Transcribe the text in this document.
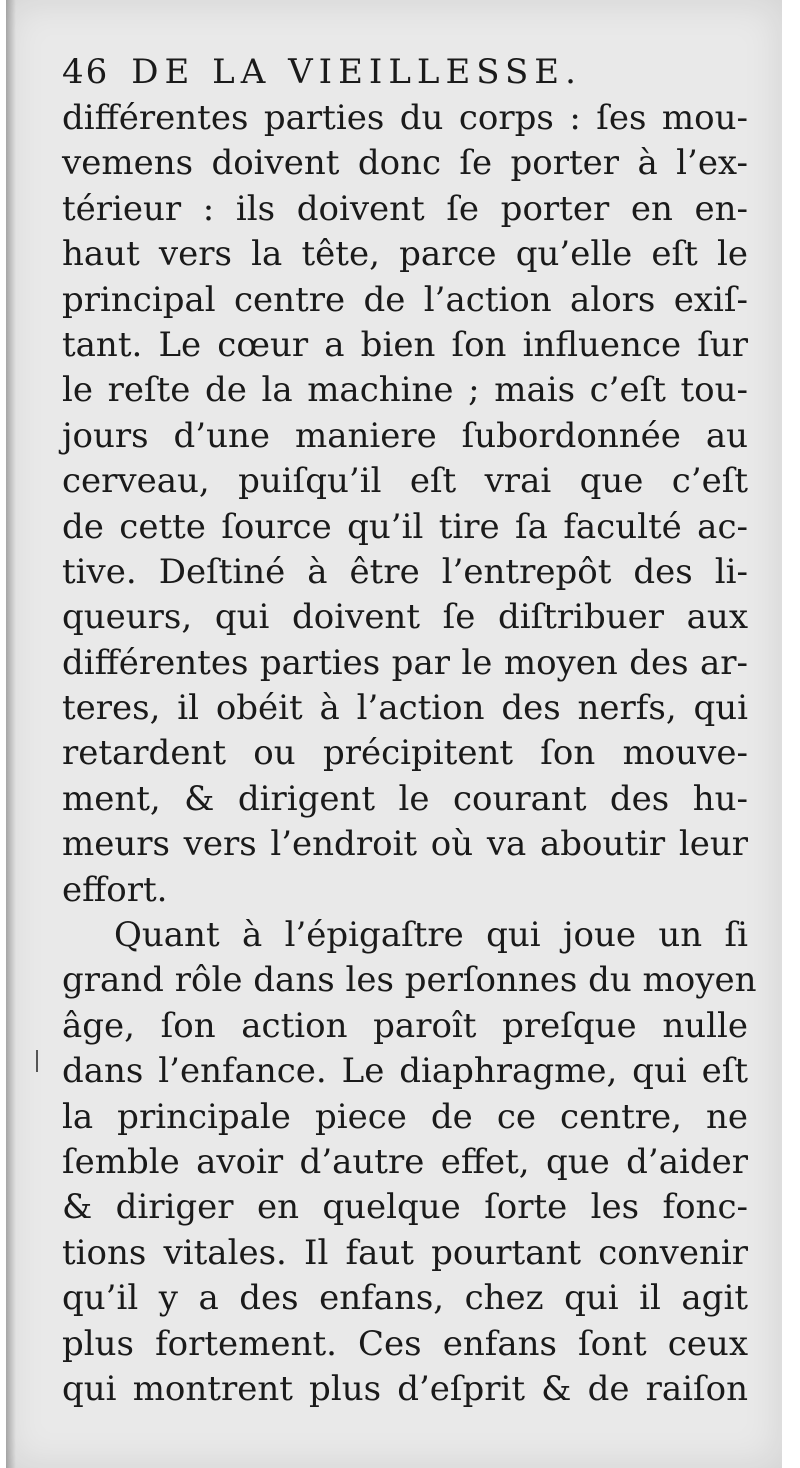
46 DE LA VIEILLESSE.
différentes parties du corps : ſes mou-
vemens doivent donc ſe porter à l’ex-
térieur : ils doivent ſe porter en en-
haut vers la tête, parce qu’elle eſt le
principal centre de l’action alors exiſ-
tant. Le cœur a bien ſon influence ſur
le reſte de la machine ; mais c’eſt tou-
jours d’une maniere ſubordonnée au
cerveau, puiſqu’il eſt vrai que c’eſt
de cette ſource qu’il tire ſa faculté ac-
tive. Deſtiné à être l’entrepôt des li-
queurs, qui doivent ſe diſtribuer aux
différentes parties par le moyen des ar-
teres, il obéit à l’action des nerfs, qui
retardent ou précipitent ſon mouve-
ment, & dirigent le courant des hu-
meurs vers l’endroit où va aboutir leur
effort.
Quant à l’épigaſtre qui joue un ſi
grand rôle dans les perſonnes du moyen
âge, ſon action paroît preſque nulle
dans l’enfance. Le diaphragme, qui eſt
la principale piece de ce centre, ne
ſemble avoir d’autre effet, que d’aider
& diriger en quelque ſorte les fonc-
tions vitales. Il faut pourtant convenir
qu’il y a des enfans, chez qui il agit
plus fortement. Ces enfans ſont ceux
qui montrent plus d’eſprit & de raiſon
